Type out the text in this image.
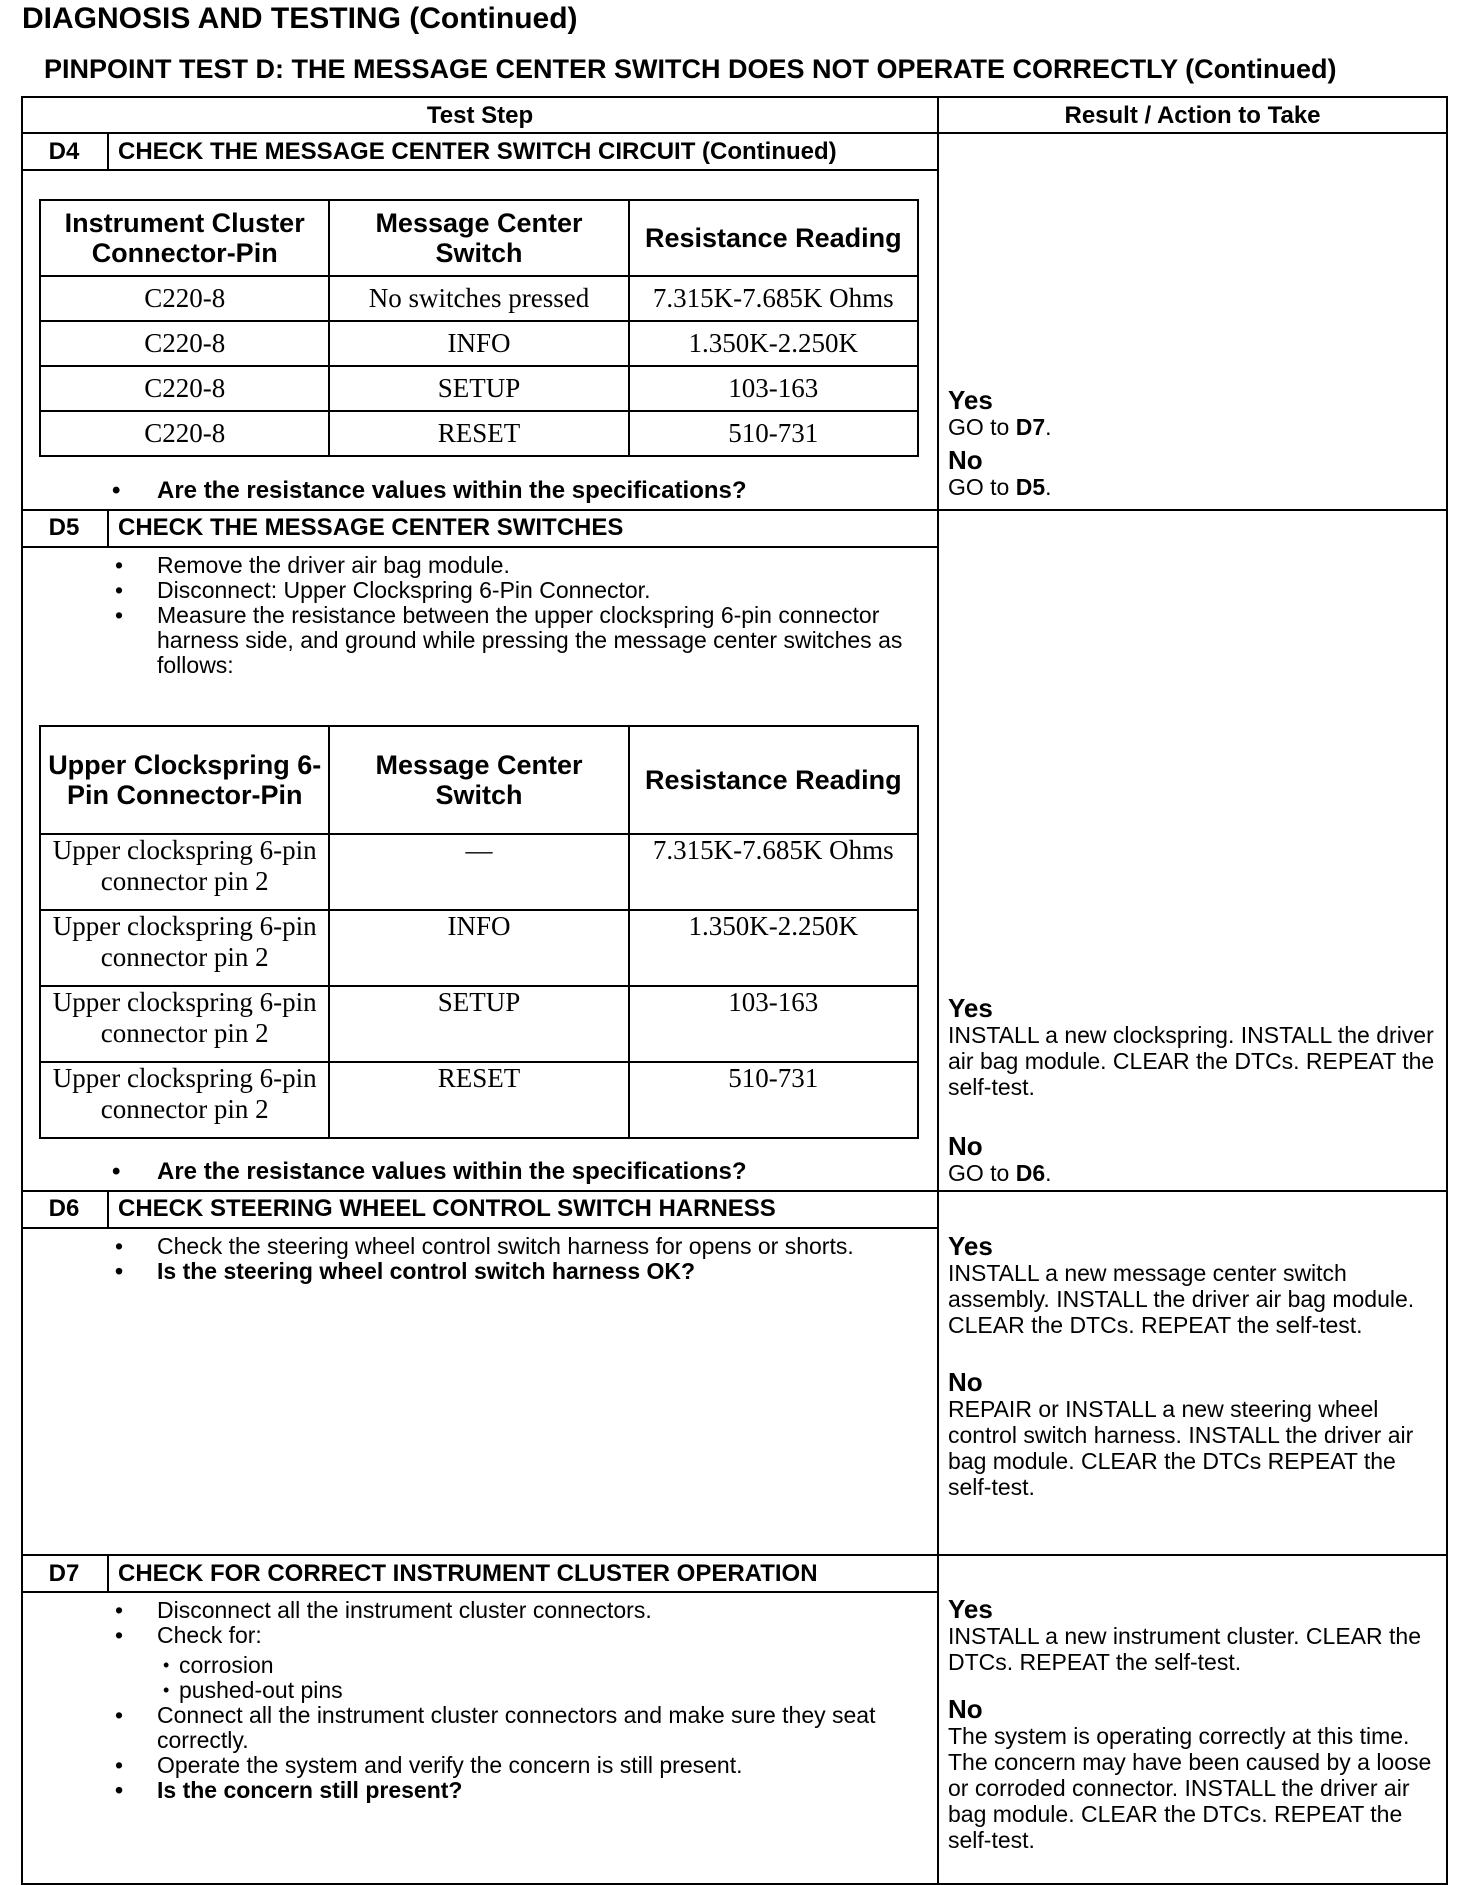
DIAGNOSIS AND TESTING (Continued)
PINPOINT TEST D: THE MESSAGE CENTER SWITCH DOES NOT OPERATE CORRECTLY (Continued)
Test Step	Result / Action to Take
D4	CHECK THE MESSAGE CENTER SWITCH CIRCUIT (Continued)
Instrument Cluster Connector-Pin	Message Center Switch	Resistance Reading
C220-8	No switches pressed	7.315K-7.685K Ohms
C220-8	INFO	1.350K-2.250K
C220-8	SETUP	103-163
C220-8	RESET	510-731
• Are the resistance values within the specifications?
Yes
GO to D7.
No
GO to D5.
D5	CHECK THE MESSAGE CENTER SWITCHES
• Remove the driver air bag module.
• Disconnect: Upper Clockspring 6-Pin Connector.
• Measure the resistance between the upper clockspring 6-pin connector harness side, and ground while pressing the message center switches as follows:
Upper Clockspring 6-Pin Connector-Pin	Message Center Switch	Resistance Reading
Upper clockspring 6-pin connector pin 2	—	7.315K-7.685K Ohms
Upper clockspring 6-pin connector pin 2	INFO	1.350K-2.250K
Upper clockspring 6-pin connector pin 2	SETUP	103-163
Upper clockspring 6-pin connector pin 2	RESET	510-731
• Are the resistance values within the specifications?
Yes
INSTALL a new clockspring. INSTALL the driver air bag module. CLEAR the DTCs. REPEAT the self-test.
No
GO to D6.
D6	CHECK STEERING WHEEL CONTROL SWITCH HARNESS
• Check the steering wheel control switch harness for opens or shorts.
• Is the steering wheel control switch harness OK?
Yes
INSTALL a new message center switch assembly. INSTALL the driver air bag module. CLEAR the DTCs. REPEAT the self-test.
No
REPAIR or INSTALL a new steering wheel control switch harness. INSTALL the driver air bag module. CLEAR the DTCs REPEAT the self-test.
D7	CHECK FOR CORRECT INSTRUMENT CLUSTER OPERATION
• Disconnect all the instrument cluster connectors.
• Check for:
• corrosion
• pushed-out pins
• Connect all the instrument cluster connectors and make sure they seat correctly.
• Operate the system and verify the concern is still present.
• Is the concern still present?
Yes
INSTALL a new instrument cluster. CLEAR the DTCs. REPEAT the self-test.
No
The system is operating correctly at this time. The concern may have been caused by a loose or corroded connector. INSTALL the driver air bag module. CLEAR the DTCs. REPEAT the self-test.
